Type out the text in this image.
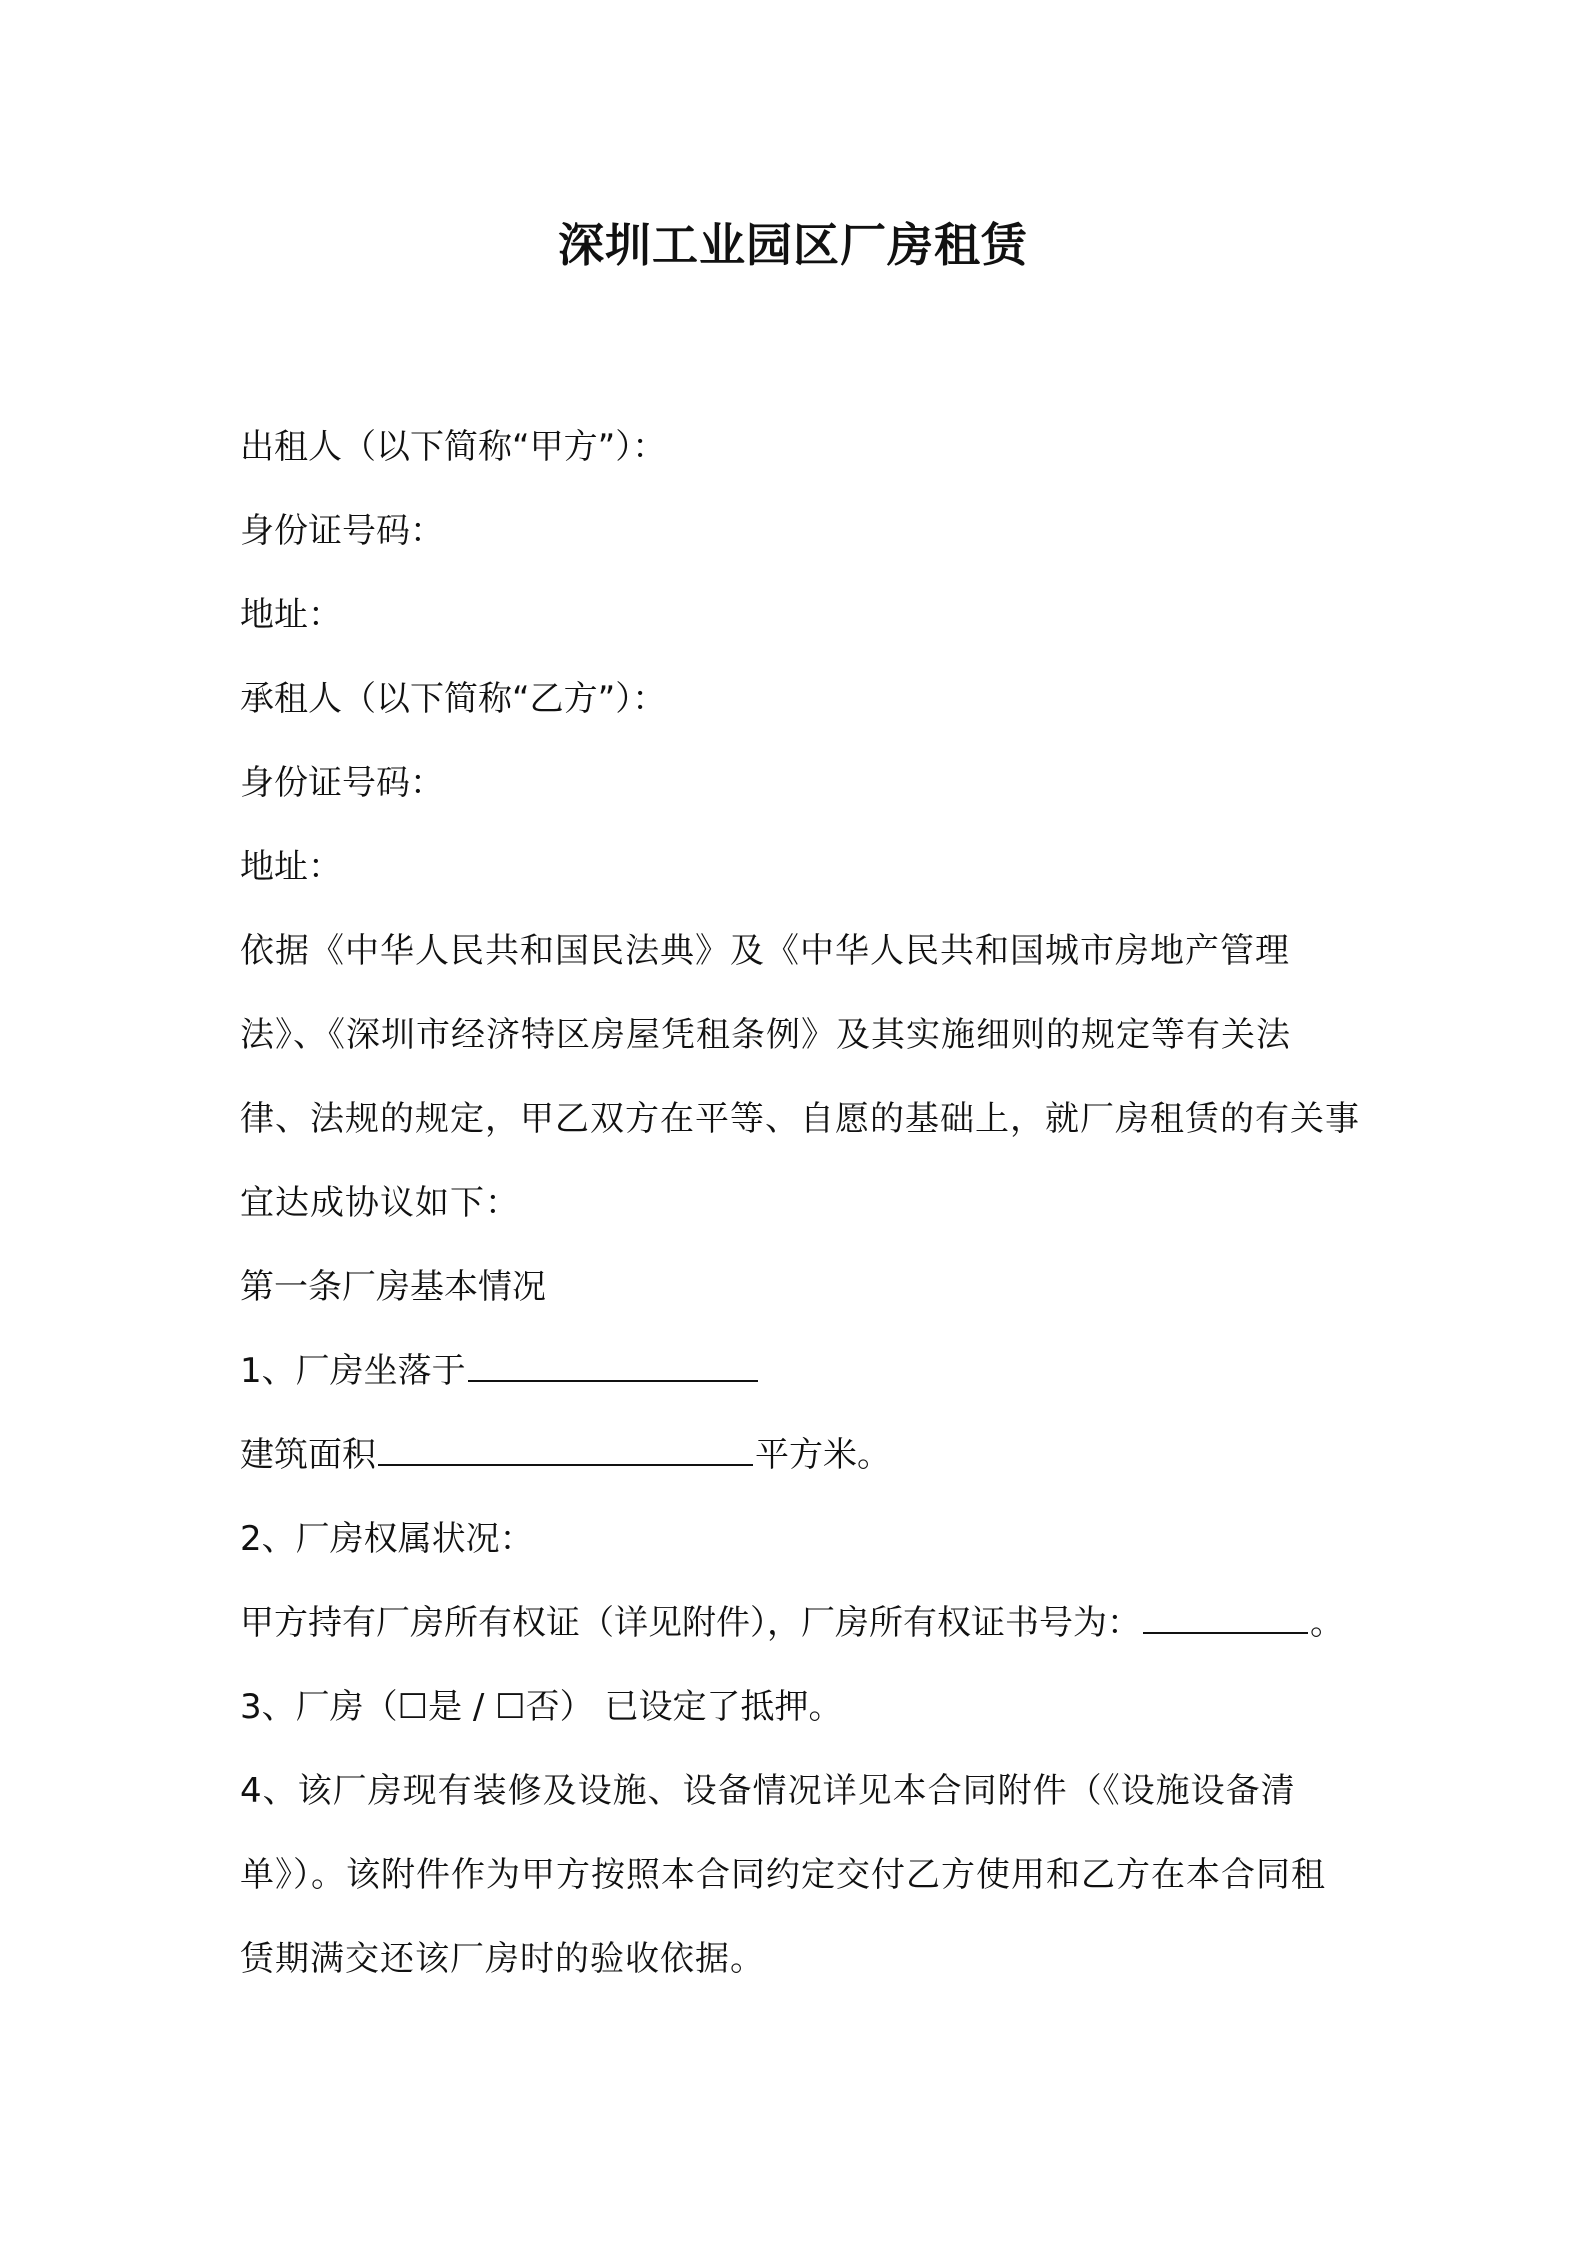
深圳工业园区厂房租赁
出租人（以下简称“甲方”）：
身份证号码：
地址：
承租人（以下简称“乙方”）：
身份证号码：
地址：
依据《中华人民共和国民法典》及《中华人民共和国城市房地产管理法》、《深圳市经济特区房屋凭租条例》及其实施细则的规定等有关法律、法规的规定，甲乙双方在平等、自愿的基础上，就厂房租赁的有关事宜达成协议如下：
第一条厂房基本情况
1、厂房坐落于
建筑面积	平方米。
2、厂房权属状况：
甲方持有厂房所有权证（详见附件），厂房所有权证书号为：	。
3、厂房（☐是 / ☐否） 已设定了抵押。
4、该厂房现有装修及设施、设备情况详见本合同附件（《设施设备清单》）。该附件作为甲方按照本合同约定交付乙方使用和乙方在本合同租赁期满交还该厂房时的验收依据。
